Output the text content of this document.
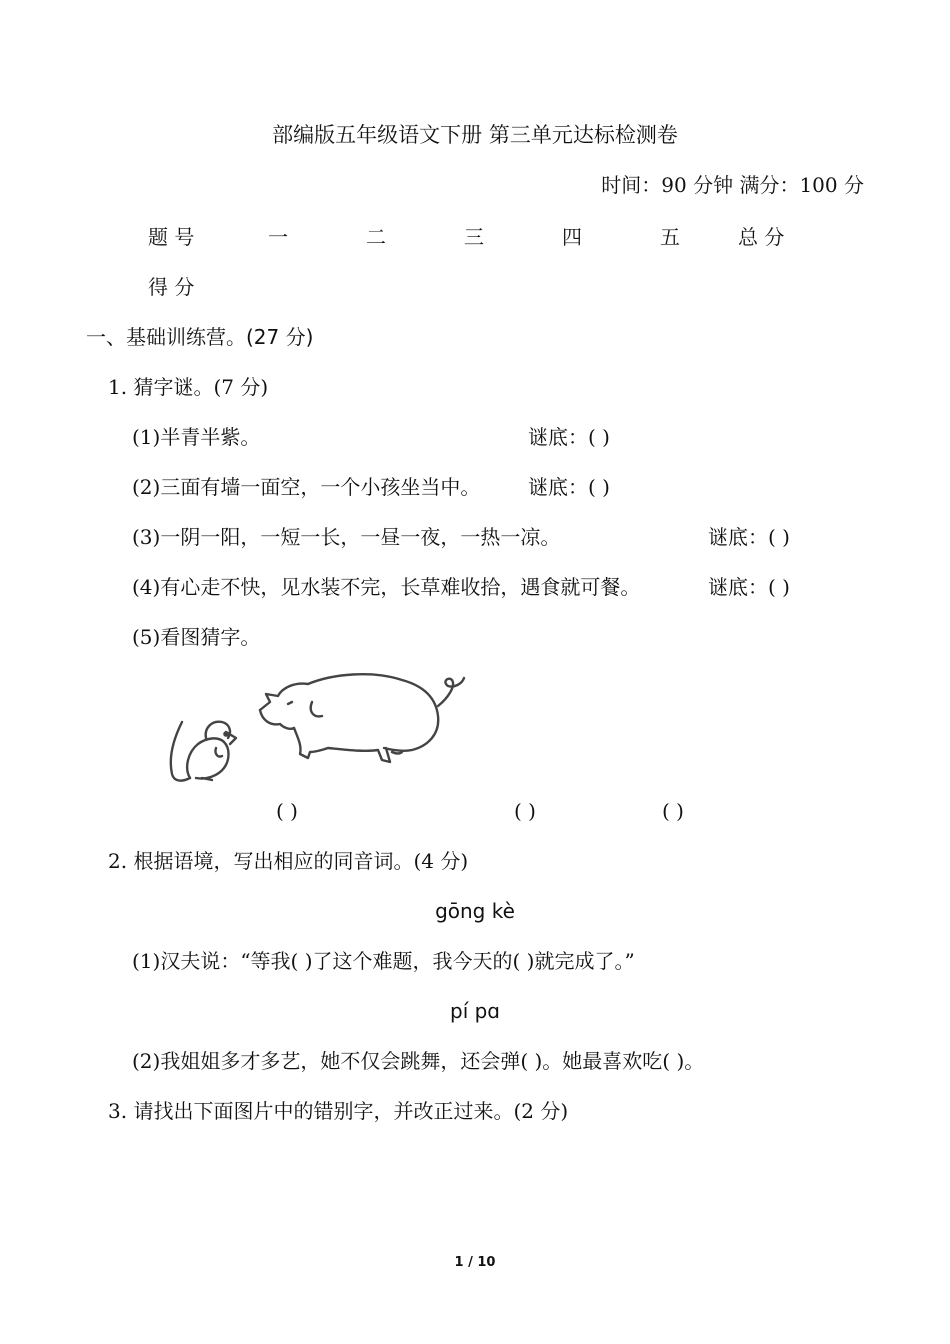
部编版五年级语文下册 第三单元达标检测卷
时间：90 分钟 满分：100 分
题 号	一	二	三	四	五	总 分
得 分
一、基础训练营。(27 分)
1. 猜字谜。(7 分)
(1)半青半紫。	谜底：( )
(2)三面有墙一面空，一个小孩坐当中。 谜底：( )
(3)一阴一阳，一短一长，一昼一夜，一热一凉。	谜底：( )
(4)有心走不快，见水装不完，长草难收拾，遇食就可餐。	谜底：( )
(5)看图猜字。
( )	( )	( )
2. 根据语境，写出相应的同音词。(4 分)
gōng kè
(1)汉夫说：“等我( )了这个难题，我今天的( )就完成了。”
pí pɑ
(2)我姐姐多才多艺，她不仅会跳舞，还会弹( )。她最喜欢吃( )。
3. 请找出下面图片中的错别字，并改正过来。(2 分)
1 / 10
